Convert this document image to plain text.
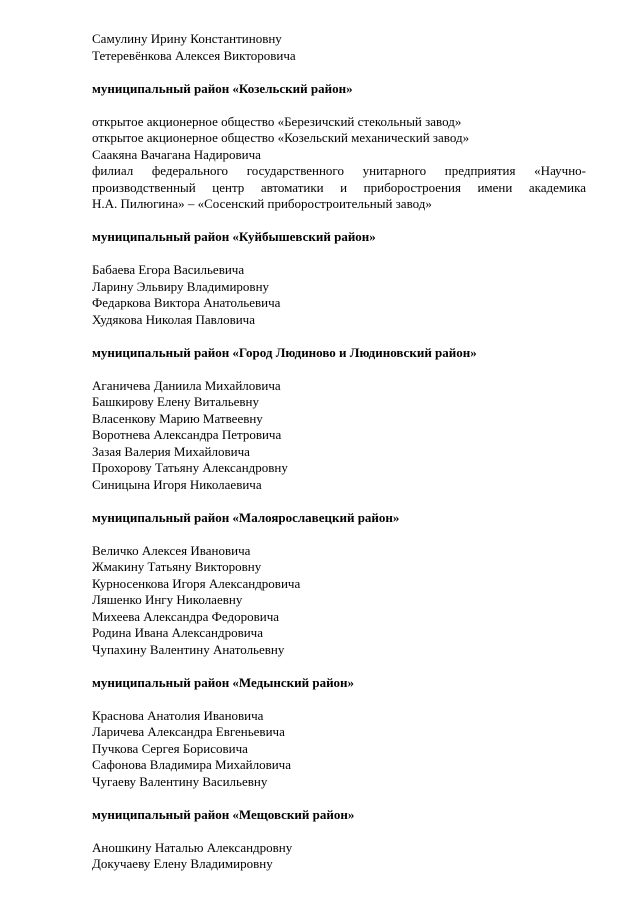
Самулину Ирину Константиновну
Тетеревёнкова Алексея Викторовича
муниципальный район «Козельский район»
открытое акционерное общество «Березичский стекольный завод»
открытое акционерное общество «Козельский механический завод»
Саакяна Вачагана Надировича
филиал федерального государственного унитарного предприятия «Научно-
производственный центр автоматики и приборостроения имени академика
Н.А. Пилюгина» – «Сосенский приборостроительный завод»
муниципальный район «Куйбышевский район»
Бабаева Егора Васильевича
Ларину Эльвиру Владимировну
Федаркова Виктора Анатольевича
Худякова Николая Павловича
муниципальный район «Город Людиново и Людиновский район»
Аганичева Даниила Михайловича
Башкирову Елену Витальевну
Власенкову Марию Матвеевну
Воротнева Александра Петровича
Зазая Валерия Михайловича
Прохорову Татьяну Александровну
Синицына Игоря Николаевича
муниципальный район «Малоярославецкий район»
Величко Алексея Ивановича
Жмакину Татьяну Викторовну
Курносенкова Игоря Александровича
Ляшенко Ингу Николаевну
Михеева Александра Федоровича
Родина Ивана Александровича
Чупахину Валентину Анатольевну
муниципальный район «Медынский район»
Краснова Анатолия Ивановича
Ларичева Александра Евгеньевича
Пучкова Сергея Борисовича
Сафонова Владимира Михайловича
Чугаеву Валентину Васильевну
муниципальный район «Мещовский район»
Аношкину Наталью Александровну
Докучаеву Елену Владимировну
